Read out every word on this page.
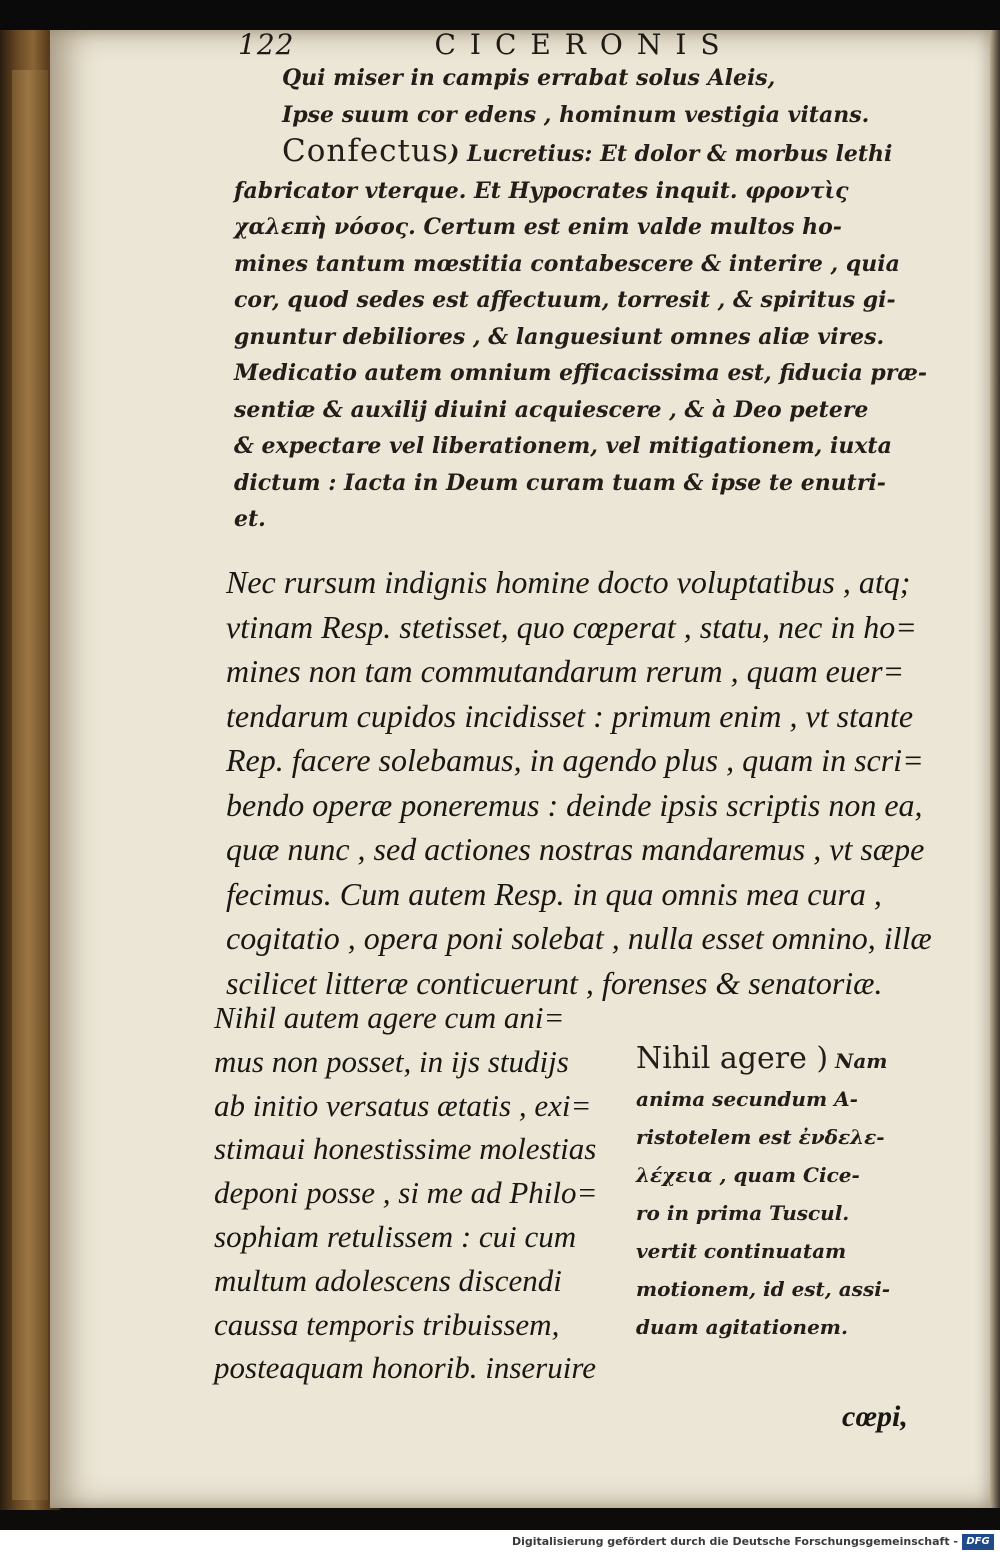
122	CICERONIS
Qui miser in campis errabat solus Aleis,
Ipse suum cor edens , hominum vestigia vitans.
Confectus) Lucretius: Et dolor & morbus lethi
fabricator vterque. Et Hypocrates inquit. φροντὶς
χαλεπὴ νόσος. Certum est enim valde multos ho-
mines tantum mœstitia contabescere & interire , quia
cor, quod sedes est affectuum, torresit , & spiritus gi-
gnuntur debiliores , & languesiunt omnes aliæ vires.
Medicatio autem omnium efficacissima est, fiducia præ-
sentiæ & auxilij diuini acquiescere , & à Deo petere
& expectare vel liberationem, vel mitigationem, iuxta
dictum : Iacta in Deum curam tuam & ipse te enutri-
et.
Nec rursum indignis homine docto voluptatibus , atq;
vtinam Resp. stetisset, quo cœperat , statu, nec in ho=
mines non tam commutandarum rerum , quam euer=
tendarum cupidos incidisset : primum enim , vt stante
Rep. facere solebamus, in agendo plus , quam in scri=
bendo operæ poneremus : deinde ipsis scriptis non ea,
quæ nunc , sed actiones nostras mandaremus , vt sæpe
fecimus. Cum autem Resp. in qua omnis mea cura ,
cogitatio , opera poni solebat , nulla esset omnino, illæ
scilicet litteræ conticuerunt , forenses & senatoriæ.
Nihil autem agere cum ani=
mus non posset, in ijs studijs
ab initio versatus ætatis , exi=
stimaui honestissime molestias
deponi posse , si me ad Philo=
sophiam retulissem : cui cum
multum adolescens discendi
caussa temporis tribuissem,
posteaquam honorib. inseruire
Nihil agere ) Nam
anima secundum A-
ristotelem est ἐνδελε-
λέχεια , quam Cice-
ro in prima Tuscul.
vertit continuatam
motionem, id est, assi-
duam agitationem.
cœpi,
Digitalisierung gefördert durch die Deutsche Forschungsgemeinschaft - DFG
